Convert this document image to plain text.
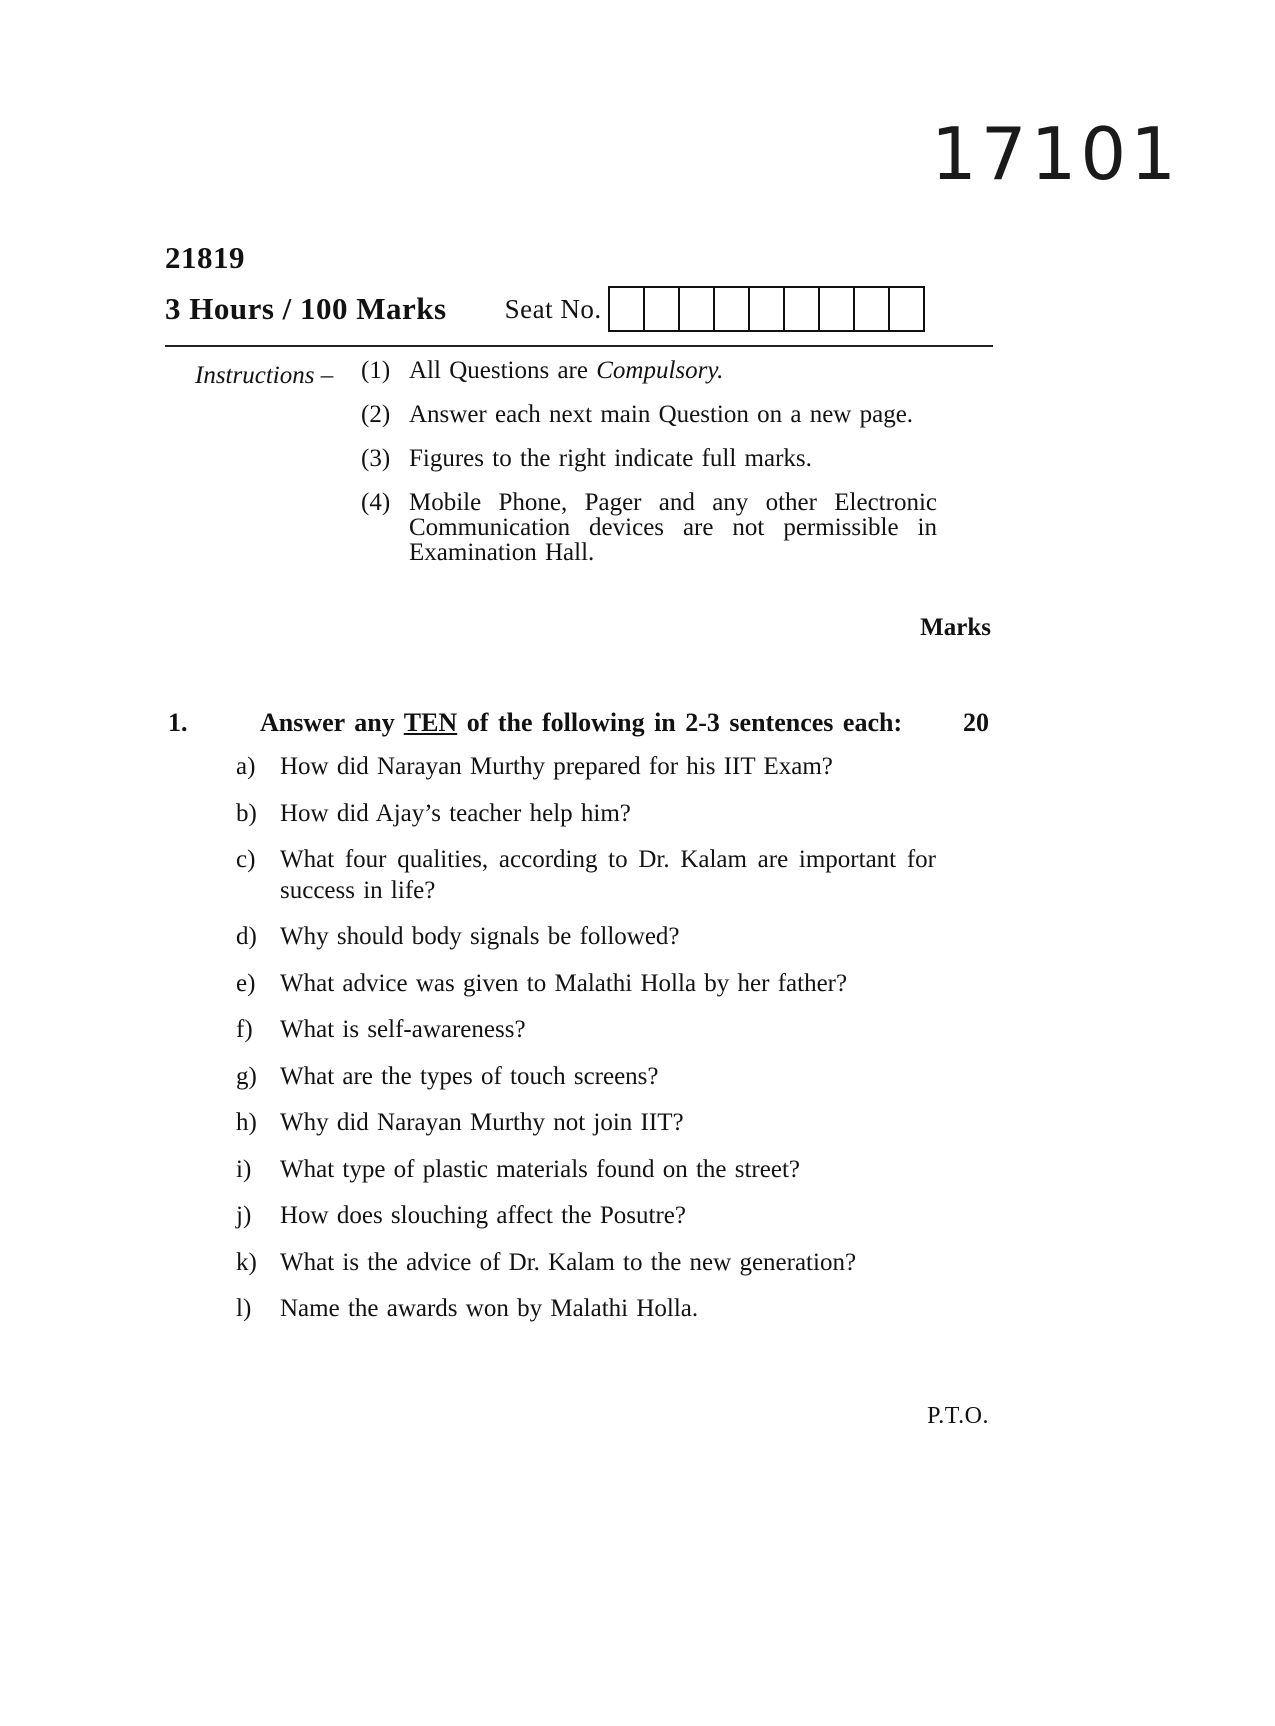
17101
21819
3 Hours / 100 Marks Seat No.
Instructions – (1) All Questions are Compulsory.
(2) Answer each next main Question on a new page.
(3) Figures to the right indicate full marks.
(4) Mobile Phone, Pager and any other Electronic Communication devices are not permissible in Examination Hall.
Marks
1.	Answer any TEN of the following in 2-3 sentences each: 20
a) How did Narayan Murthy prepared for his IIT Exam?
b) How did Ajay’s teacher help him?
c) What four qualities, according to Dr. Kalam are important for success in life?
d) Why should body signals be followed?
e) What advice was given to Malathi Holla by her father?
f)	What is self-awareness?
g) What are the types of touch screens?
h) Why did Narayan Murthy not join IIT?
i)	What type of plastic materials found on the street?
j)	How does slouching affect the Posutre?
k) What is the advice of Dr. Kalam to the new generation?
l)	Name the awards won by Malathi Holla.
P.T.O.
